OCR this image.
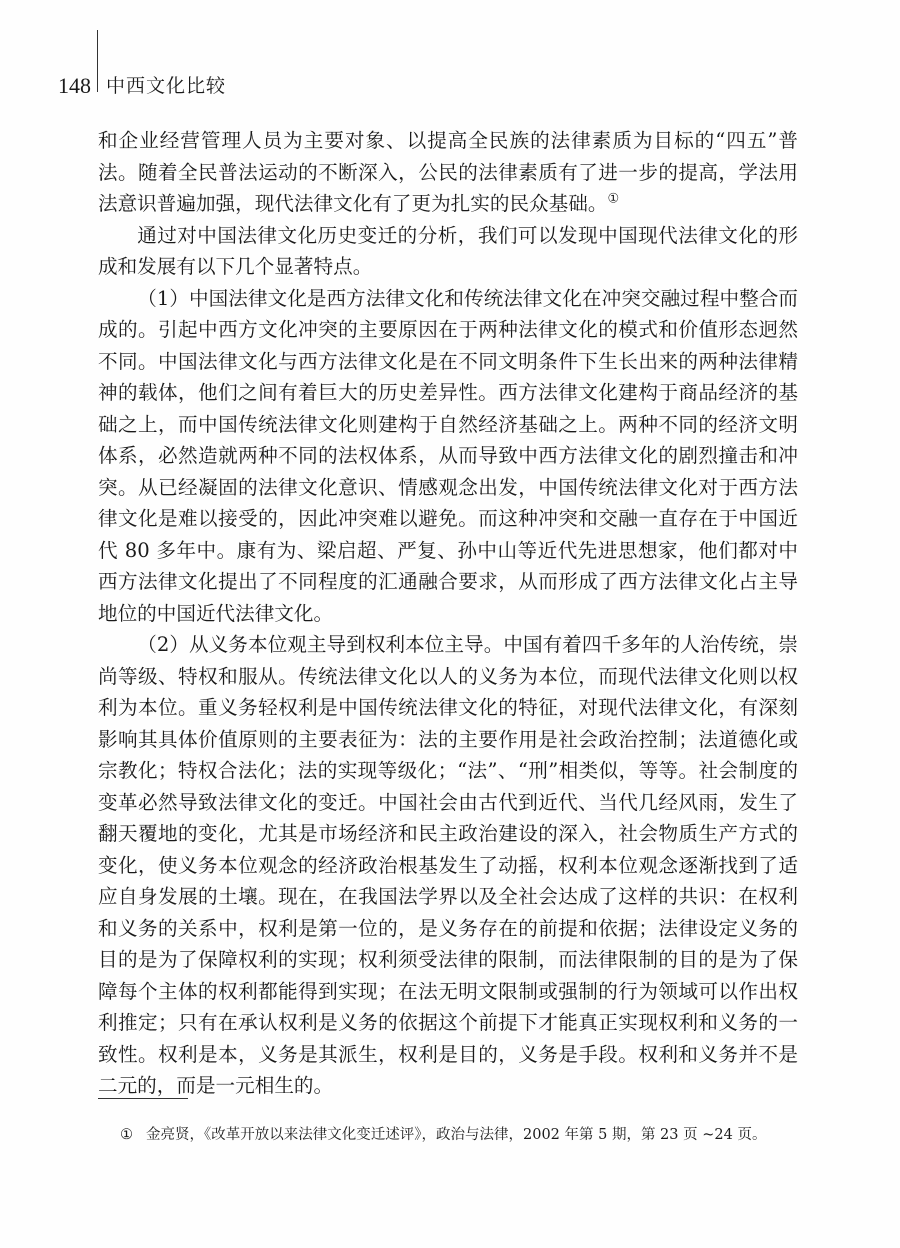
148 中西文化比较

和企业经营管理人员为主要对象、以提高全民族的法律素质为目标的“四五”普法。随着全民普法运动的不断深入，公民的法律素质有了进一步的提高，学法用法意识普遍加强，现代法律文化有了更为扎实的民众基础。①

通过对中国法律文化历史变迁的分析，我们可以发现中国现代法律文化的形成和发展有以下几个显著特点。

（1）中国法律文化是西方法律文化和传统法律文化在冲突交融过程中整合而成的。引起中西方文化冲突的主要原因在于两种法律文化的模式和价值形态迥然不同。中国法律文化与西方法律文化是在不同文明条件下生长出来的两种法律精神的载体，他们之间有着巨大的历史差异性。西方法律文化建构于商品经济的基础之上，而中国传统法律文化则建构于自然经济基础之上。两种不同的经济文明体系，必然造就两种不同的法权体系，从而导致中西方法律文化的剧烈撞击和冲突。从已经凝固的法律文化意识、情感观念出发，中国传统法律文化对于西方法律文化是难以接受的，因此冲突难以避免。而这种冲突和交融一直存在于中国近代 80 多年中。康有为、梁启超、严复、孙中山等近代先进思想家，他们都对中西方法律文化提出了不同程度的汇通融合要求，从而形成了西方法律文化占主导地位的中国近代法律文化。

（2）从义务本位观主导到权利本位主导。中国有着四千多年的人治传统，崇尚等级、特权和服从。传统法律文化以人的义务为本位，而现代法律文化则以权利为本位。重义务轻权利是中国传统法律文化的特征，对现代法律文化，有深刻影响其具体价值原则的主要表征为：法的主要作用是社会政治控制；法道德化或宗教化；特权合法化；法的实现等级化；“法”、“刑”相类似，等等。社会制度的变革必然导致法律文化的变迁。中国社会由古代到近代、当代几经风雨，发生了翻天覆地的变化，尤其是市场经济和民主政治建设的深入，社会物质生产方式的变化，使义务本位观念的经济政治根基发生了动摇，权利本位观念逐渐找到了适应自身发展的土壤。现在，在我国法学界以及全社会达成了这样的共识：在权利和义务的关系中，权利是第一位的，是义务存在的前提和依据；法律设定义务的目的是为了保障权利的实现；权利须受法律的限制，而法律限制的目的是为了保障每个主体的权利都能得到实现；在法无明文限制或强制的行为领域可以作出权利推定；只有在承认权利是义务的依据这个前提下才能真正实现权利和义务的一致性。权利是本，义务是其派生，权利是目的，义务是手段。权利和义务并不是二元的，而是一元相生的。

① 金亮贤，《改革开放以来法律文化变迁述评》，政治与法律，2002 年第 5 期，第 23 页 ~24 页。
